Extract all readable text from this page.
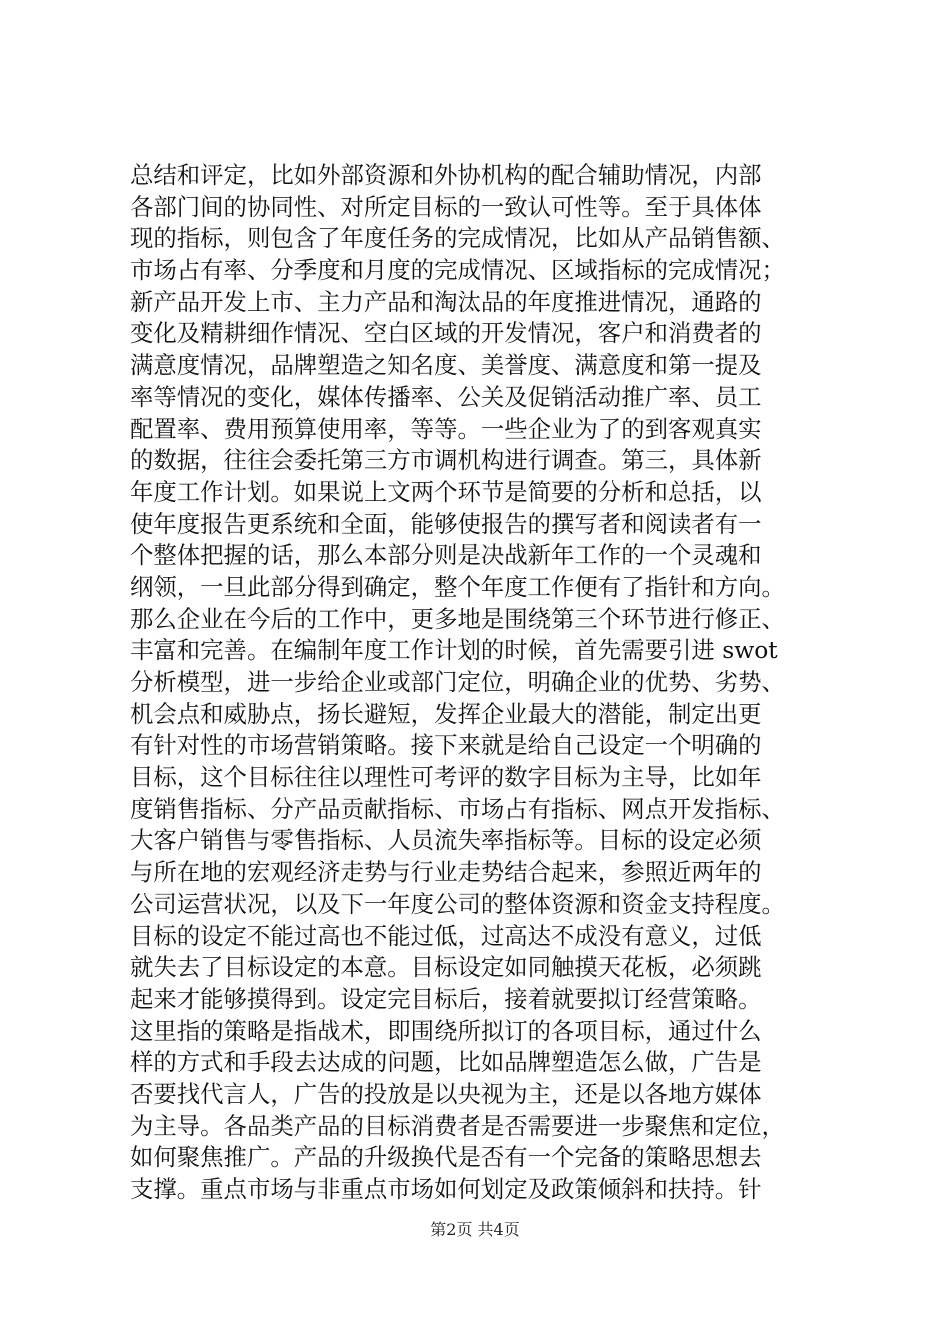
总结和评定，比如外部资源和外协机构的配合辅助情况，内部
各部门间的协同性、对所定目标的一致认可性等。至于具体体
现的指标，则包含了年度任务的完成情况，比如从产品销售额、
市场占有率、分季度和月度的完成情况、区域指标的完成情况；
新产品开发上市、主力产品和淘汰品的年度推进情况，通路的
变化及精耕细作情况、空白区域的开发情况，客户和消费者的
满意度情况，品牌塑造之知名度、美誉度、满意度和第一提及
率等情况的变化，媒体传播率、公关及促销活动推广率、员工
配置率、费用预算使用率，等等。一些企业为了的到客观真实
的数据，往往会委托第三方市调机构进行调查。第三，具体新
年度工作计划。如果说上文两个环节是简要的分析和总括，以
使年度报告更系统和全面，能够使报告的撰写者和阅读者有一
个整体把握的话，那么本部分则是决战新年工作的一个灵魂和
纲领，一旦此部分得到确定，整个年度工作便有了指针和方向。
那么企业在今后的工作中，更多地是围绕第三个环节进行修正、
丰富和完善。在编制年度工作计划的时候，首先需要引进 swot
分析模型，进一步给企业或部门定位，明确企业的优势、劣势、
机会点和威胁点，扬长避短，发挥企业最大的潜能，制定出更
有针对性的市场营销策略。接下来就是给自己设定一个明确的
目标，这个目标往往以理性可考评的数字目标为主导，比如年
度销售指标、分产品贡献指标、市场占有指标、网点开发指标、
大客户销售与零售指标、人员流失率指标等。目标的设定必须
与所在地的宏观经济走势与行业走势结合起来，参照近两年的
公司运营状况，以及下一年度公司的整体资源和资金支持程度。
目标的设定不能过高也不能过低，过高达不成没有意义，过低
就失去了目标设定的本意。目标设定如同触摸天花板，必须跳
起来才能够摸得到。设定完目标后，接着就要拟订经营策略。
这里指的策略是指战术，即围绕所拟订的各项目标，通过什么
样的方式和手段去达成的问题，比如品牌塑造怎么做，广告是
否要找代言人，广告的投放是以央视为主，还是以各地方媒体
为主导。各品类产品的目标消费者是否需要进一步聚焦和定位，
如何聚焦推广。产品的升级换代是否有一个完备的策略思想去
支撑。重点市场与非重点市场如何划定及政策倾斜和扶持。针
第2页 共4页
